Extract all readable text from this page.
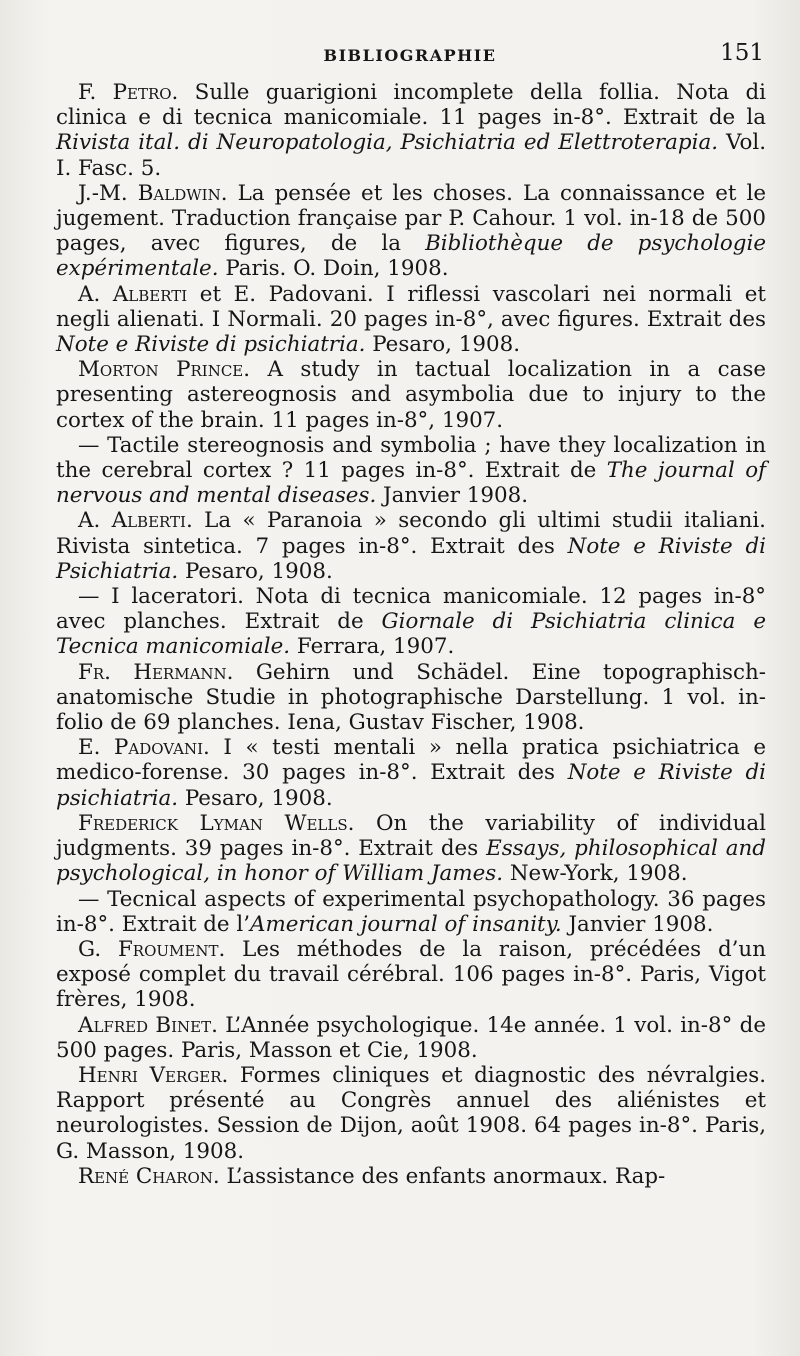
BIBLIOGRAPHIE	151

F. Petro. Sulle guarigioni incomplete della follia. Nota di clinica e di tecnica manicomiale. 11 pages in-8°. Extrait de la Rivista ital. di Neuropatologia, Psichiatria ed Elettroterapia. Vol. I. Fasc. 5.

J.-M. Baldwin. La pensée et les choses. La connaissance et le jugement. Traduction française par P. Cahour. 1 vol. in-18 de 500 pages, avec figures, de la Bibliothèque de psychologie expérimentale. Paris. O. Doin, 1908.

A. Alberti et E. Padovani. I riflessi vascolari nei normali et negli alienati. I Normali. 20 pages in-8°, avec figures. Extrait des Note e Riviste di psichiatria. Pesaro, 1908.

Morton Prince. A study in tactual localization in a case presenting astereognosis and asymbolia due to injury to the cortex of the brain. 11 pages in-8°, 1907.

— Tactile stereognosis and symbolia ; have they localization in the cerebral cortex ? 11 pages in-8°. Extrait de The journal of nervous and mental diseases. Janvier 1908.

A. Alberti. La « Paranoia » secondo gli ultimi studii italiani. Rivista sintetica. 7 pages in-8°. Extrait des Note e Riviste di Psichiatria. Pesaro, 1908.

— I laceratori. Nota di tecnica manicomiale. 12 pages in-8° avec planches. Extrait de Giornale di Psichiatria clinica e Tecnica manicomiale. Ferrara, 1907.

Fr. Hermann. Gehirn und Schädel. Eine topographisch-anatomische Studie in photographische Darstellung. 1 vol. in-folio de 69 planches. Iena, Gustav Fischer, 1908.

E. Padovani. I « testi mentali » nella pratica psichiatrica e medico-forense. 30 pages in-8°. Extrait des Note e Riviste di psichiatria. Pesaro, 1908.

Frederick Lyman Wells. On the variability of individual judgments. 39 pages in-8°. Extrait des Essays, philosophical and psychological, in honor of William James. New-York, 1908.

— Tecnical aspects of experimental psychopathology. 36 pages in-8°. Extrait de l’American journal of insanity. Janvier 1908.

G. Froument. Les méthodes de la raison, précédées d’un exposé complet du travail cérébral. 106 pages in-8°. Paris, Vigot frères, 1908.

Alfred Binet. L’Année psychologique. 14e année. 1 vol. in-8° de 500 pages. Paris, Masson et Cie, 1908.

Henri Verger. Formes cliniques et diagnostic des névralgies. Rapport présenté au Congrès annuel des aliénistes et neurologistes. Session de Dijon, août 1908. 64 pages in-8°. Paris, G. Masson, 1908.

René Charon. L’assistance des enfants anormaux. Rap-
